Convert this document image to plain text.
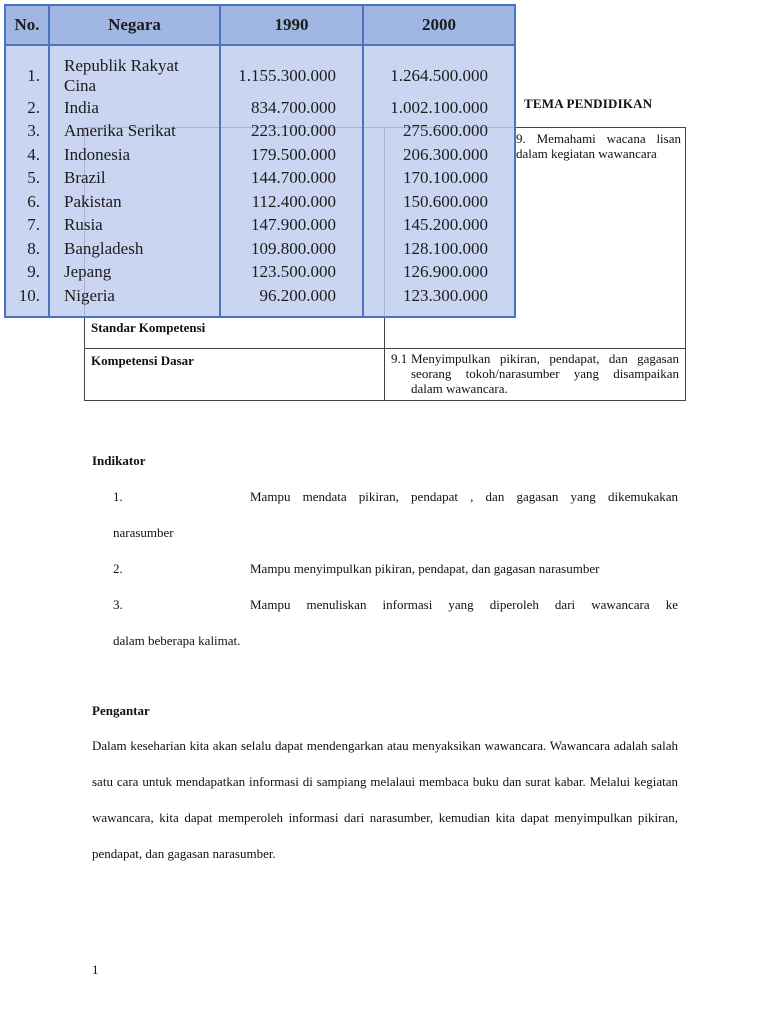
TEMA PENDIDIKAN
Standar Kompetensi	9. Memahami wacana lisan dalam kegiatan wawancara

Kompetensi Dasar	9.1 Menyimpulkan pikiran, pendapat, dan gagasan seorang tokoh/narasumber yang disampaikan dalam wawancara.
Indikator
1.	Mampu mendata pikiran, pendapat , dan gagasan yang dikemukakan
narasumber
2.	Mampu menyimpulkan pikiran, pendapat, dan gagasan narasumber
3.	Mampu menuliskan informasi yang diperoleh dari wawancara ke
dalam beberapa kalimat.
Pengantar

Dalam keseharian kita akan selalu dapat mendengarkan atau menyaksikan wawancara. Wawancara adalah salah satu cara untuk mendapatkan informasi di sampiang melalaui membaca buku dan surat kabar. Melalui kegiatan wawancara, kita dapat memperoleh informasi dari narasumber, kemudian kita dapat menyimpulkan pikiran, pendapat, dan gagasan narasumber.

1
No.	Negara	1990	2000
1.	Republik Rakyat Cina	1.155.300.000	1.264.500.000
2.	India	834.700.000	1.002.100.000
3.	Amerika Serikat	223.100.000	275.600.000
4.	Indonesia	179.500.000	206.300.000
5.	Brazil	144.700.000	170.100.000
6.	Pakistan	112.400.000	150.600.000
7.	Rusia	147.900.000	145.200.000
8.	Bangladesh	109.800.000	128.100.000
9.	Jepang	123.500.000	126.900.000
10.	Nigeria	96.200.000	123.300.000
